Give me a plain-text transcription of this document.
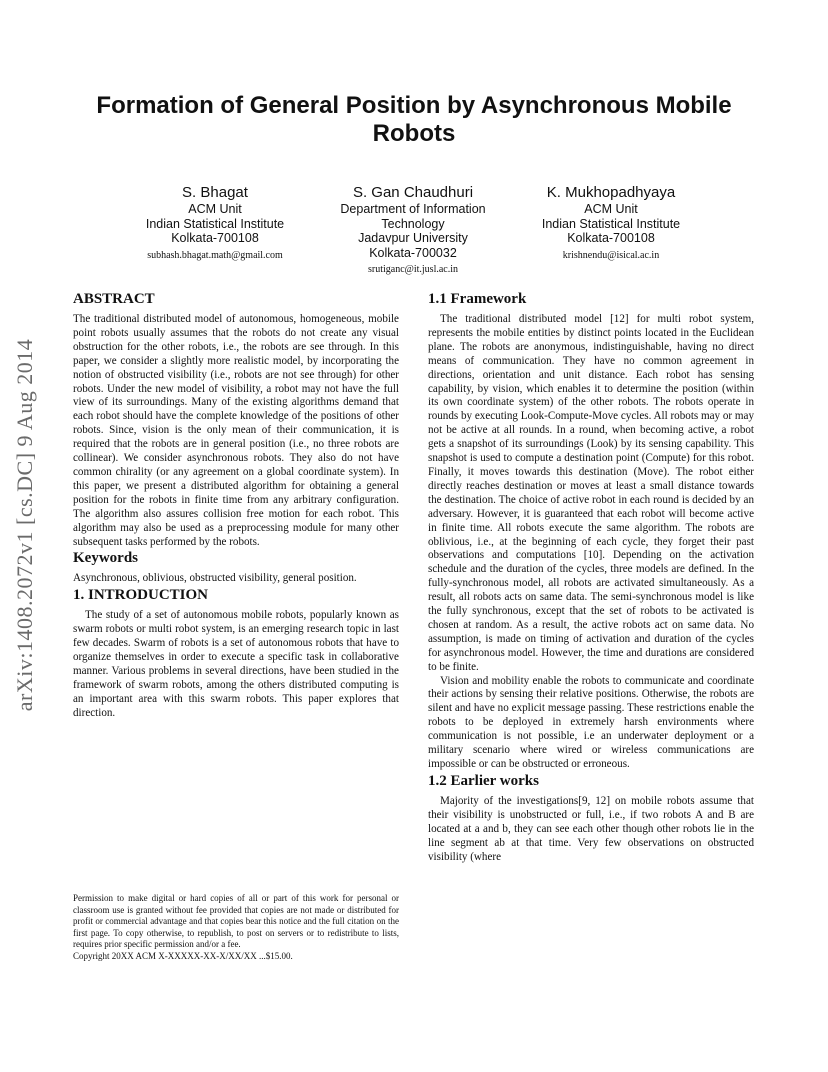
arXiv:1408.2072v1 [cs.DC] 9 Aug 2014
Formation of General Position by Asynchronous Mobile Robots
S. Bhagat
ACM Unit
Indian Statistical Institute
Kolkata-700108
subhash.bhagat.math@gmail.com
S. Gan Chaudhuri
Department of Information Technology
Jadavpur University
Kolkata-700032
srutiganc@it.jusl.ac.in
K. Mukhopadhyaya
ACM Unit
Indian Statistical Institute
Kolkata-700108
krishnendu@isical.ac.in
ABSTRACT

The traditional distributed model of autonomous, homogeneous, mobile point robots usually assumes that the robots do not create any visual obstruction for the other robots, i.e., the robots are see through. In this paper, we consider a slightly more realistic model, by incorporating the notion of obstructed visibility (i.e., robots are not see through) for other robots. Under the new model of visibility, a robot may not have the full view of its surroundings. Many of the existing algorithms demand that each robot should have the complete knowledge of the positions of other robots. Since, vision is the only mean of their communication, it is required that the robots are in general position (i.e., no three robots are collinear). We consider asynchronous robots. They also do not have common chirality (or any agreement on a global coordinate system). In this paper, we present a distributed algorithm for obtaining a general position for the robots in finite time from any arbitrary configuration. The algorithm also assures collision free motion for each robot. This algorithm may also be used as a preprocessing module for many other subsequent tasks performed by the robots.

Keywords

Asynchronous, oblivious, obstructed visibility, general position.

1. INTRODUCTION

The study of a set of autonomous mobile robots, popularly known as swarm robots or multi robot system, is an emerging research topic in last few decades. Swarm of robots is a set of autonomous robots that have to organize themselves in order to execute a specific task in collaborative manner. Various problems in several directions, have been studied in the framework of swarm robots, among the others distributed computing is an important area with this swarm robots. This paper explores that direction.

Permission to make digital or hard copies of all or part of this work for personal or classroom use is granted without fee provided that copies are not made or distributed for profit or commercial advantage and that copies bear this notice and the full citation on the first page. To copy otherwise, to republish, to post on servers or to redistribute to lists, requires prior specific permission and/or a fee.

Copyright 20XX ACM X-XXXXX-XX-X/XX/XX ...$15.00.

1.1 Framework

The traditional distributed model [12] for multi robot system, represents the mobile entities by distinct points located in the Euclidean plane. The robots are anonymous, indistinguishable, having no direct means of communication. They have no common agreement in directions, orientation and unit distance. Each robot has sensing capability, by vision, which enables it to determine the position (within its own coordinate system) of the other robots. The robots operate in rounds by executing Look-Compute-Move cycles. All robots may or may not be active at all rounds. In a round, when becoming active, a robot gets a snapshot of its surroundings (Look) by its sensing capability. This snapshot is used to compute a destination point (Compute) for this robot. Finally, it moves towards this destination (Move). The robot either directly reaches destination or moves at least a small distance towards the destination. The choice of active robot in each round is decided by an adversary. However, it is guaranteed that each robot will become active in finite time. All robots execute the same algorithm. The robots are oblivious, i.e., at the beginning of each cycle, they forget their past observations and computations [10]. Depending on the activation schedule and the duration of the cycles, three models are defined. In the fully-synchronous model, all robots are activated simultaneously. As a result, all robots acts on same data. The semi-synchronous model is like the fully synchronous, except that the set of robots to be activated is chosen at random. As a result, the active robots act on same data. No assumption, is made on timing of activation and duration of the cycles for asynchronous model. However, the time and durations are considered to be finite.

Vision and mobility enable the robots to communicate and coordinate their actions by sensing their relative positions. Otherwise, the robots are silent and have no explicit message passing. These restrictions enable the robots to be deployed in extremely harsh environments where communication is not possible, i.e an underwater deployment or a military scenario where wired or wireless communications are impossible or can be obstructed or erroneous.

1.2 Earlier works

Majority of the investigations[9, 12] on mobile robots assume that their visibility is unobstructed or full, i.e., if two robots A and B are located at a and b, they can see each other though other robots lie in the line segment ab at that time. Very few observations on obstructed visibility (where
